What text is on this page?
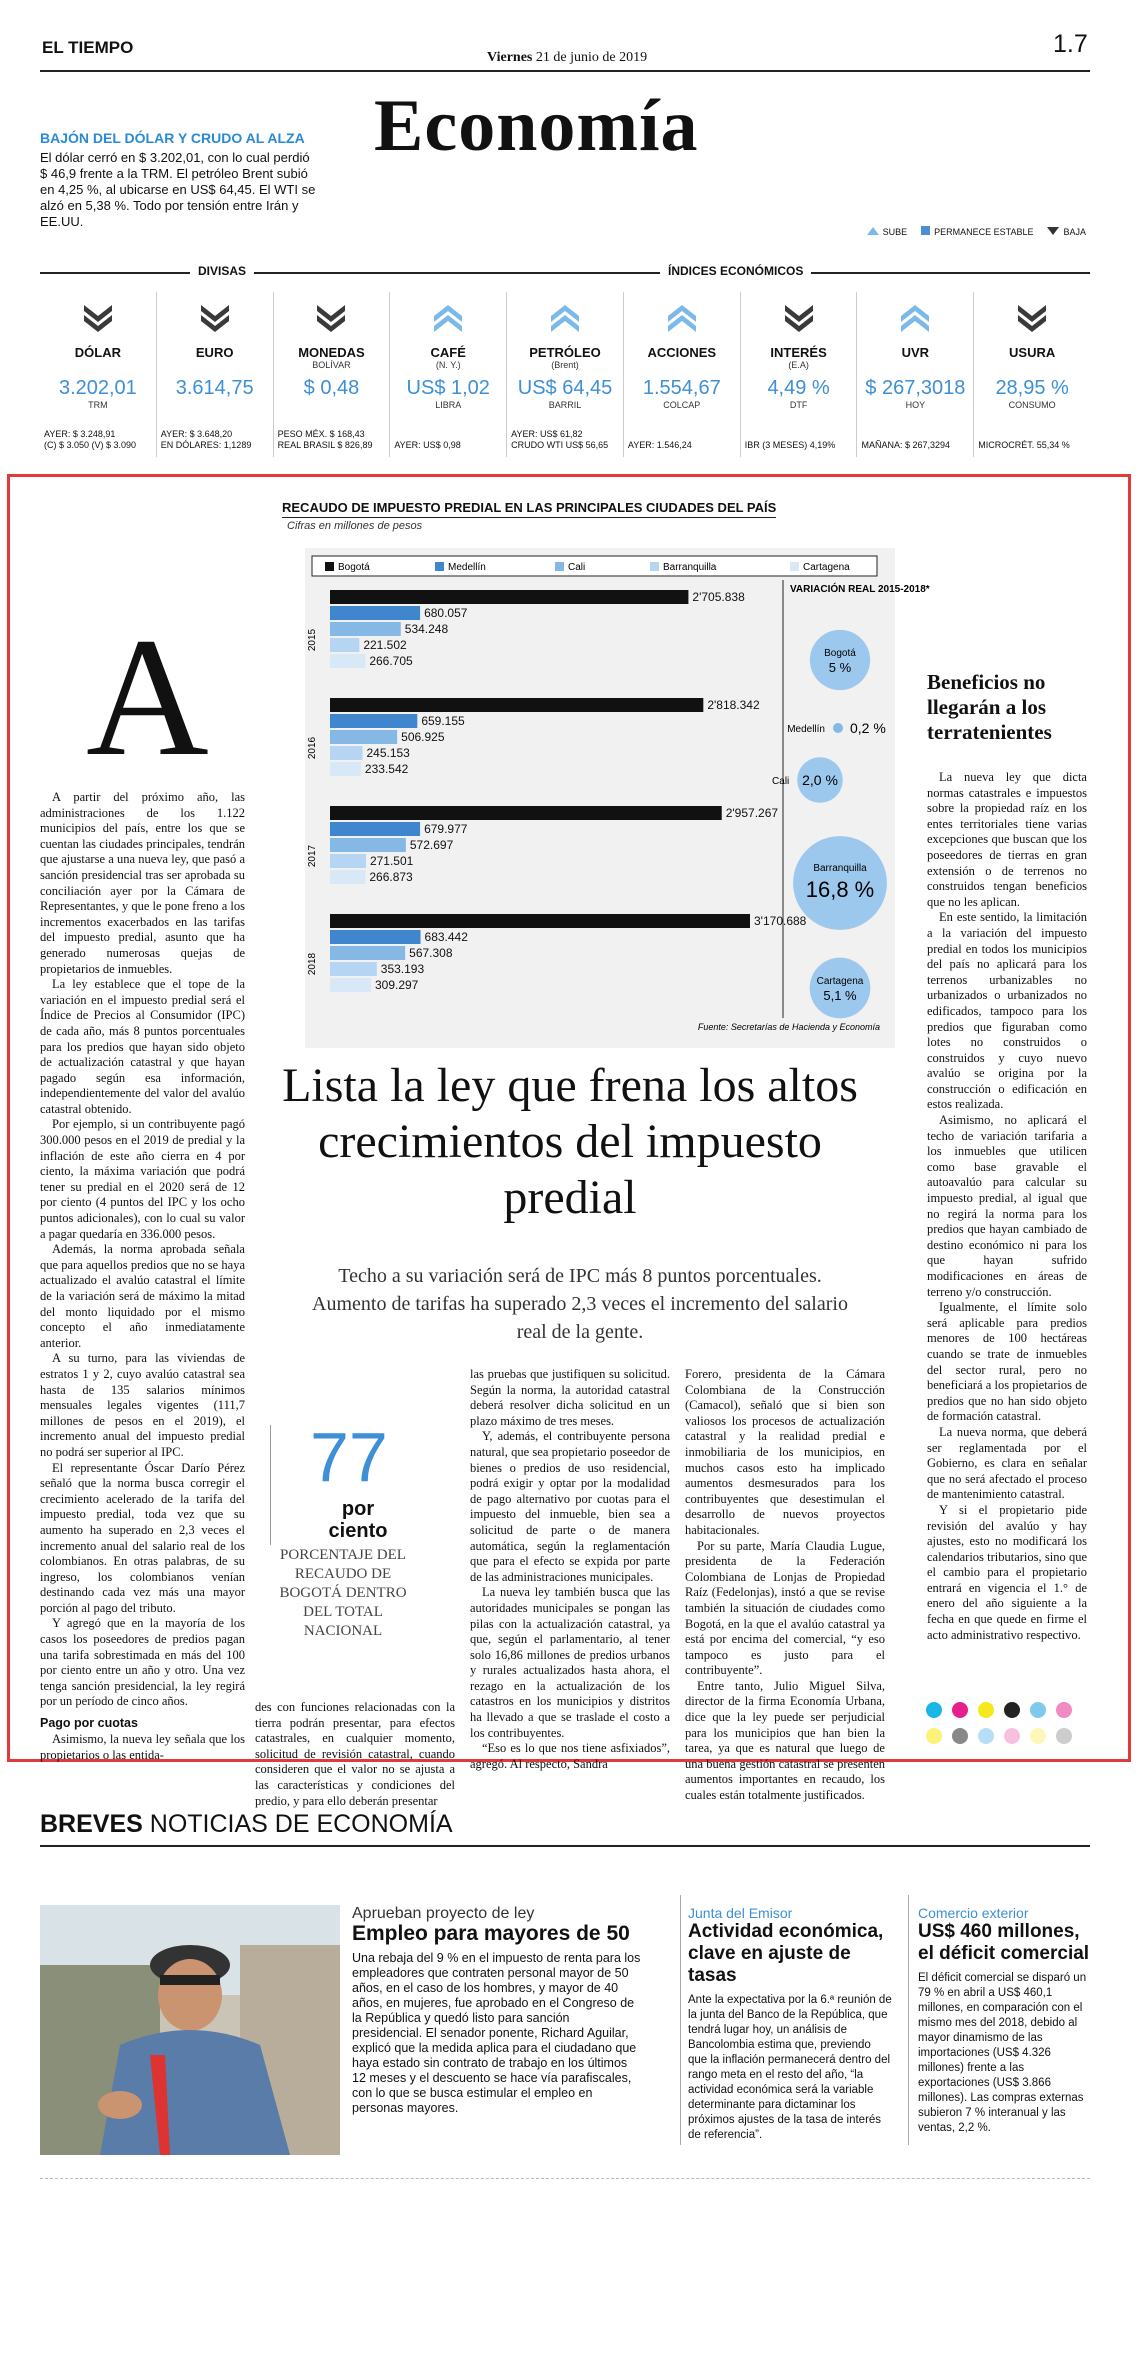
EL TIEMPO
Viernes 21 de junio de 2019	1.7
Economía
BAJÓN DEL DÓLAR Y CRUDO AL ALZA
El dólar cerró en $ 3.202,01, con lo cual perdió $ 46,9 frente a la TRM. El petróleo Brent subió en 4,25 %, al ubicarse en US$ 64,45. El WTI se alzó en 5,38 %. Todo por tensión entre Irán y EE.UU.
SUBE	PERMANECE ESTABLE	BAJA
DIVISAS	ÍNDICES ECONÓMICOS
DÓLAR
3.202,01
TRM
AYER: $ 3.248,91
(C) $ 3.050 (V) $ 3.090
EURO
3.614,75
AYER: $ 3.648,20
EN DÓLARES: 1,1289
MONEDAS
BOLÍVAR
$ 0,48
PESO MÉX. $ 168,43
REAL BRASIL $ 826,89
CAFÉ
(N. Y.)
US$ 1,02
LIBRA
AYER: US$ 0,98
PETRÓLEO
(Brent)
US$ 64,45
BARRIL
AYER: US$ 61,82
CRUDO WTI US$ 56,65
ACCIONES
1.554,67
COLCAP
AYER: 1.546,24
INTERÉS
(E.A)
4,49 %
DTF
IBR (3 MESES) 4,19%
UVR
$ 267,3018
HOY
MAÑANA: $ 267,3294
USURA
28,95 %
CONSUMO
MICROCRÉT. 55,34 %
RECAUDO DE IMPUESTO PREDIAL EN LAS PRINCIPALES CIUDADES DEL PAÍS
Cifras en millones de pesos
Bogotá	Medellín	Cali	Barranquilla	Cartagena
2015
2'705.838
680.057
534.248
221.502
266.705
2016
2'818.342
659.155
506.925
245.153
233.542
2017
2'957.267
679.977
572.697
271.501
266.873
2018
3'170.688
683.442
567.308
353.193
309.297
VARIACIÓN REAL 2015-2018*
Bogotá
5 %
Medellín 0,2 %
Cali 2,0 %
Barranquilla
16,8 %
Cartagena
5,1 %
Fuente: Secretarías de Hacienda y Economía
A

A partir del próximo año, las administraciones de los 1.122 municipios del país, entre los que se cuentan las ciudades principales, tendrán que ajustarse a una nueva ley, que pasó a sanción presidencial tras ser aprobada su conciliación ayer por la Cámara de Representantes, y que le pone freno a los incrementos exacerbados en las tarifas del impuesto predial, asunto que ha generado numerosas quejas de propietarios de inmuebles.

La ley establece que el tope de la variación en el impuesto predial será el Índice de Precios al Consumidor (IPC) de cada año, más 8 puntos porcentuales para los predios que hayan sido objeto de actualización catastral y que hayan pagado según esa información, independientemente del valor del avalúo catastral obtenido.

Por ejemplo, si un contribuyente pagó 300.000 pesos en el 2019 de predial y la inflación de este año cierra en 4 por ciento, la máxima variación que podrá tener su predial en el 2020 será de 12 por ciento (4 puntos del IPC y los ocho puntos adicionales), con lo cual su valor a pagar quedaría en 336.000 pesos.

Además, la norma aprobada señala que para aquellos predios que no se haya actualizado el avalúo catastral el límite de la variación será de máximo la mitad del monto liquidado por el mismo concepto el año inmediatamente anterior.

A su turno, para las viviendas de estratos 1 y 2, cuyo avalúo catastral sea hasta de 135 salarios mínimos mensuales legales vigentes (111,7 millones de pesos en el 2019), el incremento anual del impuesto predial no podrá ser superior al IPC.

El representante Óscar Darío Pérez señaló que la norma busca corregir el crecimiento acelerado de la tarifa del impuesto predial, toda vez que su aumento ha superado en 2,3 veces el incremento anual del salario real de los colombianos. En otras palabras, de su ingreso, los colombianos venían destinando cada vez más una mayor porción al pago del tributo.

Y agregó que en la mayoría de los casos los poseedores de predios pagan una tarifa sobrestimada en más del 100 por ciento entre un año y otro. Una vez tenga sanción presidencial, la ley regirá por un período de cinco años.

Pago por cuotas

Asimismo, la nueva ley señala que los propietarios o las entida-

Lista la ley que frena los altos crecimientos del impuesto predial
Techo a su variación será de IPC más 8 puntos porcentuales. Aumento de tarifas ha superado 2,3 veces el incremento del salario real de la gente.
77
por ciento
PORCENTAJE DEL RECAUDO DE BOGOTÁ DENTRO DEL TOTAL NACIONAL

des con funciones relacionadas con la tierra podrán presentar, para efectos catastrales, en cualquier momento, solicitud de revisión catastral, cuando consideren que el valor no se ajusta a las características y condiciones del predio, y para ello deberán presentar

las pruebas que justifiquen su solicitud. Según la norma, la autoridad catastral deberá resolver dicha solicitud en un plazo máximo de tres meses.

Y, además, el contribuyente persona natural, que sea propietario poseedor de bienes o predios de uso residencial, podrá exigir y optar por la modalidad de pago alternativo por cuotas para el impuesto del inmueble, bien sea a solicitud de parte o de manera automática, según la reglamentación que para el efecto se expida por parte de las administraciones municipales.

La nueva ley también busca que las autoridades municipales se pongan las pilas con la actualización catastral, ya que, según el parlamentario, al tener solo 16,86 millones de predios urbanos y rurales actualizados hasta ahora, el rezago en la actualización de los catastros en los municipios y distritos ha llevado a que se traslade el costo a los contribuyentes.

“Eso es lo que nos tiene asfixiados”, agregó. Al respecto, Sandra

Forero, presidenta de la Cámara Colombiana de la Construcción (Camacol), señaló que si bien son valiosos los procesos de actualización catastral y la realidad predial e inmobiliaria de los municipios, en muchos casos esto ha implicado aumentos desmesurados para los contribuyentes que desestimulan el desarrollo de nuevos proyectos habitacionales.

Por su parte, María Claudia Lugue, presidenta de la Federación Colombiana de Lonjas de Propiedad Raíz (Fedelonjas), instó a que se revise también la situación de ciudades como Bogotá, en la que el avalúo catastral ya está por encima del comercial, “y eso tampoco es justo para el contribuyente”.

Entre tanto, Julio Miguel Silva, director de la firma Economía Urbana, dice que la ley puede ser perjudicial para los municipios que han bien la tarea, ya que es natural que luego de una buena gestión catastral se presenten aumentos importantes en recaudo, los cuales están totalmente justificados.

Beneficios no llegarán a los terratenientes

La nueva ley que dicta normas catastrales e impuestos sobre la propiedad raíz en los entes territoriales tiene varias excepciones que buscan que los poseedores de tierras en gran extensión o de terrenos no construidos tengan beneficios que no les aplican.

En este sentido, la limitación a la variación del impuesto predial en todos los municipios del país no aplicará para los terrenos urbanizables no urbanizados o urbanizados no edificados, tampoco para los predios que figuraban como lotes no construidos o construidos y cuyo nuevo avalúo se origina por la construcción o edificación en estos realizada.

Asimismo, no aplicará el techo de variación tarifaria a los inmuebles que utilicen como base gravable el autoavalúo para calcular su impuesto predial, al igual que no regirá la norma para los predios que hayan cambiado de destino económico ni para los que hayan sufrido modificaciones en áreas de terreno y/o construcción.

Igualmente, el límite solo será aplicable para predios menores de 100 hectáreas cuando se trate de inmuebles del sector rural, pero no beneficiará a los propietarios de predios que no han sido objeto de formación catastral.

La nueva norma, que deberá ser reglamentada por el Gobierno, es clara en señalar que no será afectado el proceso de mantenimiento catastral.

Y si el propietario pide revisión del avalúo y hay ajustes, esto no modificará los calendarios tributarios, sino que el cambio para el propietario entrará en vigencia el 1.° de enero del año siguiente a la fecha en que quede en firme el acto administrativo respectivo.

BREVES NOTICIAS DE ECONOMÍA
Aprueban proyecto de ley
Empleo para mayores de 50
Una rebaja del 9 % en el impuesto de renta para los empleadores que contraten personal mayor de 50 años, en el caso de los hombres, y mayor de 40 años, en mujeres, fue aprobado en el Congreso de la República y quedó listo para sanción presidencial. El senador ponente, Richard Aguilar, explicó que la medida aplica para el ciudadano que haya estado sin contrato de trabajo en los últimos 12 meses y el descuento se hace vía parafiscales, con lo que se busca estimular el empleo en personas mayores.
Junta del Emisor
Actividad económica, clave en ajuste de tasas
Ante la expectativa por la 6.ª reunión de la junta del Banco de la República, que tendrá lugar hoy, un análisis de Bancolombia estima que, previendo que la inflación permanecerá dentro del rango meta en el resto del año, “la actividad económica será la variable determinante para dictaminar los próximos ajustes de la tasa de interés de referencia”.
Comercio exterior
US$ 460 millones, el déficit comercial
El déficit comercial se disparó un 79 % en abril a US$ 460,1 millones, en comparación con el mismo mes del 2018, debido al mayor dinamismo de las importaciones (US$ 4.326 millones) frente a las exportaciones (US$ 3.866 millones). Las compras externas subieron 7 % interanual y las ventas, 2,2 %.
